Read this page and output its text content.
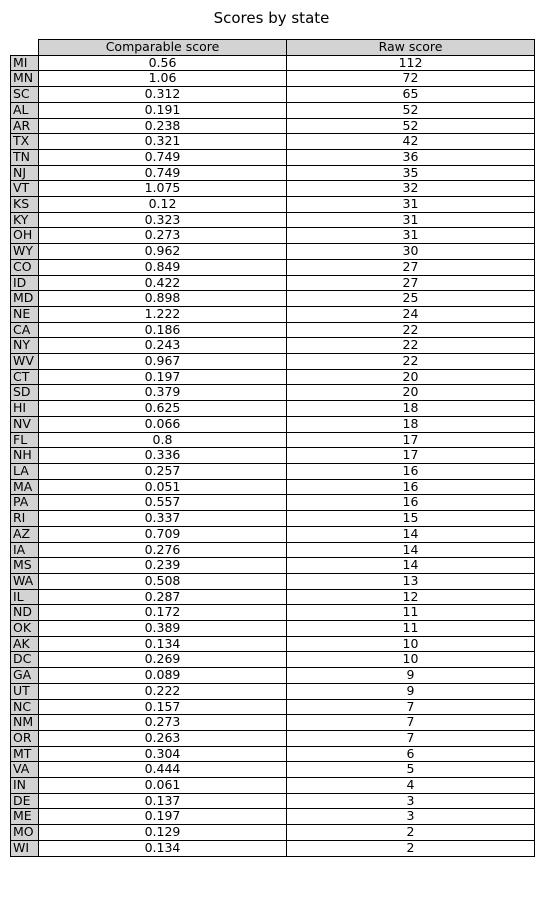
Scores by state
	Comparable score	Raw score
MI	0.56	112
MN	1.06	72
SC	0.312	65
AL	0.191	52
AR	0.238	52
TX	0.321	42
TN	0.749	36
NJ	0.749	35
VT	1.075	32
KS	0.12	31
KY	0.323	31
OH	0.273	31
WY	0.962	30
CO	0.849	27
ID	0.422	27
MD	0.898	25
NE	1.222	24
CA	0.186	22
NY	0.243	22
WV	0.967	22
CT	0.197	20
SD	0.379	20
HI	0.625	18
NV	0.066	18
FL	0.8	17
NH	0.336	17
LA	0.257	16
MA	0.051	16
PA	0.557	16
RI	0.337	15
AZ	0.709	14
IA	0.276	14
MS	0.239	14
WA	0.508	13
IL	0.287	12
ND	0.172	11
OK	0.389	11
AK	0.134	10
DC	0.269	10
GA	0.089	9
UT	0.222	9
NC	0.157	7
NM	0.273	7
OR	0.263	7
MT	0.304	6
VA	0.444	5
IN	0.061	4
DE	0.137	3
ME	0.197	3
MO	0.129	2
WI	0.134	2
